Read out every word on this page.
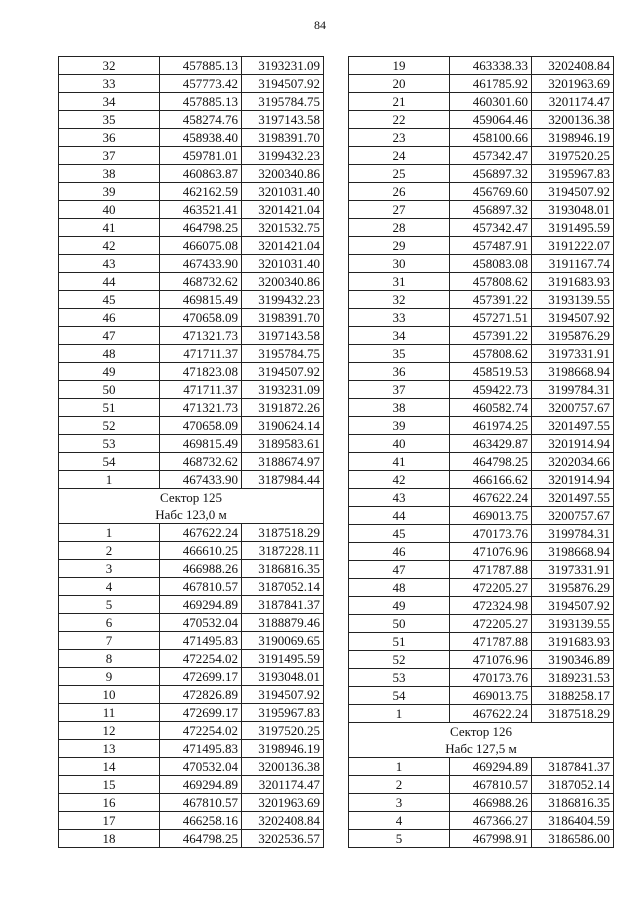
84
32	457885.13	3193231.09
33	457773.42	3194507.92
34	457885.13	3195784.75
35	458274.76	3197143.58
36	458938.40	3198391.70
37	459781.01	3199432.23
38	460863.87	3200340.86
39	462162.59	3201031.40
40	463521.41	3201421.04
41	464798.25	3201532.75
42	466075.08	3201421.04
43	467433.90	3201031.40
44	468732.62	3200340.86
45	469815.49	3199432.23
46	470658.09	3198391.70
47	471321.73	3197143.58
48	471711.37	3195784.75
49	471823.08	3194507.92
50	471711.37	3193231.09
51	471321.73	3191872.26
52	470658.09	3190624.14
53	469815.49	3189583.61
54	468732.62	3188674.97
1	467433.90	3187984.44
Сектор 125		
Набс 123,0 м		
1	467622.24	3187518.29
2	466610.25	3187228.11
3	466988.26	3186816.35
4	467810.57	3187052.14
5	469294.89	3187841.37
6	470532.04	3188879.46
7	471495.83	3190069.65
8	472254.02	3191495.59
9	472699.17	3193048.01
10	472826.89	3194507.92
11	472699.17	3195967.83
12	472254.02	3197520.25
13	471495.83	3198946.19
14	470532.04	3200136.38
15	469294.89	3201174.47
16	467810.57	3201963.69
17	466258.16	3202408.84
18	464798.25	3202536.57
19	463338.33	3202408.84
20	461785.92	3201963.69
21	460301.60	3201174.47
22	459064.46	3200136.38
23	458100.66	3198946.19
24	457342.47	3197520.25
25	456897.32	3195967.83
26	456769.60	3194507.92
27	456897.32	3193048.01
28	457342.47	3191495.59
29	457487.91	3191222.07
30	458083.08	3191167.74
31	457808.62	3191683.93
32	457391.22	3193139.55
33	457271.51	3194507.92
34	457391.22	3195876.29
35	457808.62	3197331.91
36	458519.53	3198668.94
37	459422.73	3199784.31
38	460582.74	3200757.67
39	461974.25	3201497.55
40	463429.87	3201914.94
41	464798.25	3202034.66
42	466166.62	3201914.94
43	467622.24	3201497.55
44	469013.75	3200757.67
45	470173.76	3199784.31
46	471076.96	3198668.94
47	471787.88	3197331.91
48	472205.27	3195876.29
49	472324.98	3194507.92
50	472205.27	3193139.55
51	471787.88	3191683.93
52	471076.96	3190346.89
53	470173.76	3189231.53
54	469013.75	3188258.17
1	467622.24	3187518.29
Сектор 126		
Набс 127,5 м		
1	469294.89	3187841.37
2	467810.57	3187052.14
3	466988.26	3186816.35
4	467366.27	3186404.59
5	467998.91	3186586.00
